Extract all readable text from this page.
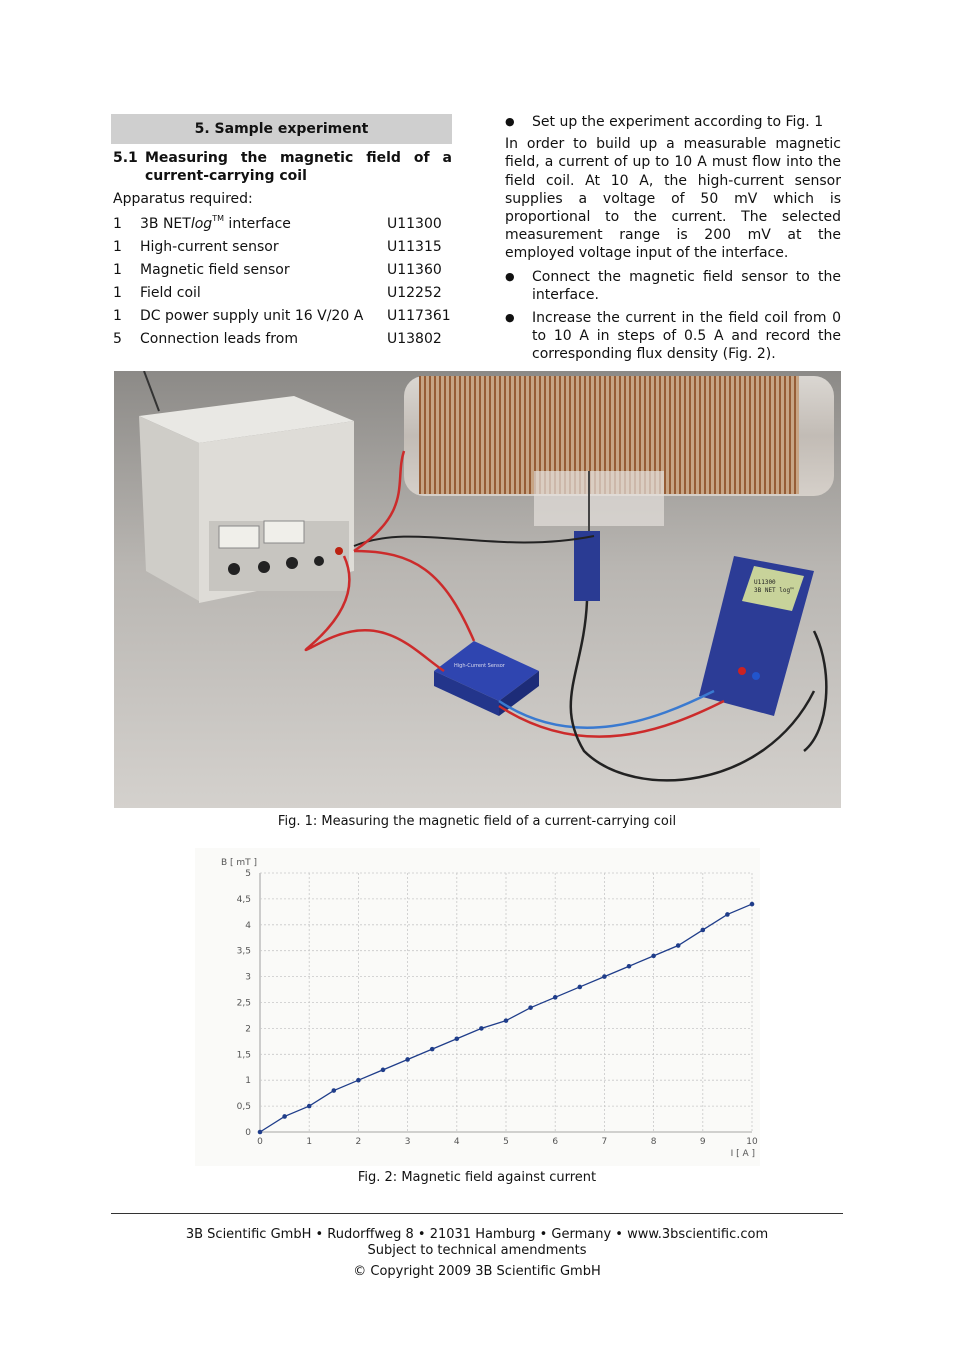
5. Sample experiment
5.1 Measuring the magnetic field of a current-carrying coil
Apparatus required:
1	3B NETlog™ interface	U11300
1	High-current sensor	U11315
1	Magnetic field sensor	U11360
1	Field coil	U12252
1	DC power supply unit 16 V/20 A	U117361
5	Connection leads from	U13802
●	Set up the experiment according to Fig. 1
In order to build up a measurable magnetic field, a current of up to 10 A must flow into the field coil. At 10 A, the high-current sensor supplies a voltage of 50 mV which is proportional to the current. The selected measurement range is 200 mV at the employed voltage input of the interface.
●	Connect the magnetic field sensor to the interface.
●	Increase the current in the field coil from 0 to 10 A in steps of 0.5 A and record the corresponding flux density (Fig. 2).
U11300
3B NET log™
High-Current Sensor
Fig. 1: Measuring the magnetic field of a current-carrying coil
0	1	2	3	4	5	6	7	8	9	10
0
0,5
1
1,5
2
2,5
3
3,5
4
4,5
5
B [ mT ]
I [ A ]
Fig. 2: Magnetic field against current
3B Scientific GmbH • Rudorffweg 8 • 21031 Hamburg • Germany • www.3bscientific.com
Subject to technical amendments
© Copyright 2009 3B Scientific GmbH
